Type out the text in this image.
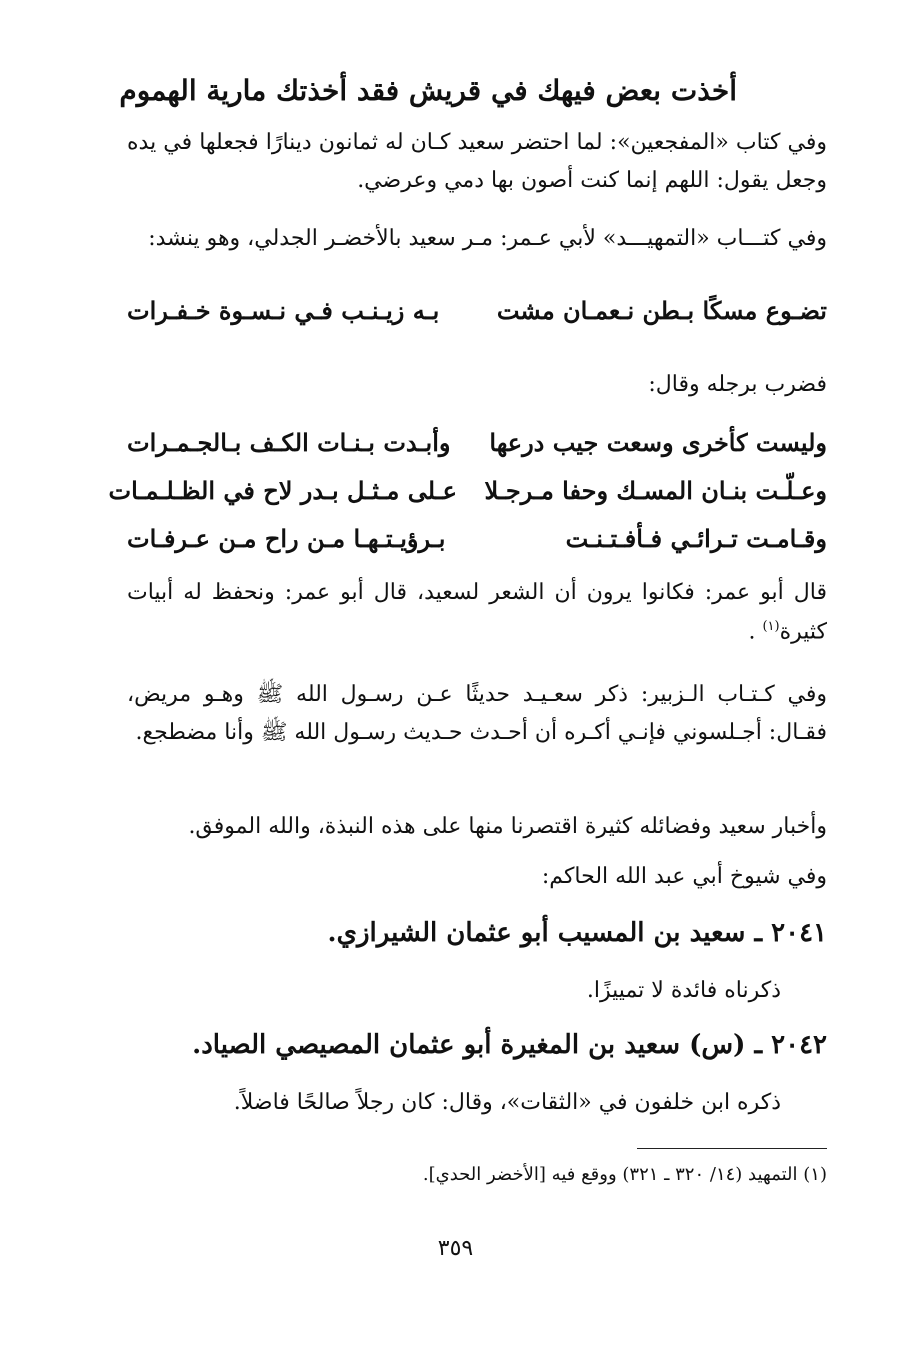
أخذت بعض فيهك في قريش فقد أخذتك مارية الهموم
وفي كتاب «المفجعين»: لما احتضر سعيد كـان له ثمانون دينارًا فجعلها في يده وجعل يقول: اللهم إنما كنت أصون بها دمي وعرضي.
وفي كتـــاب «التمهيـــد» لأبي عـمر: مـر سعيد بالأخضـر الجدلي، وهو ينشد:
تضـوع مسكًا بـطن نـعمـان مشت
بـه زيـنـب فـي نـسـوة خـفـرات
فضرب برجله وقال:
وليست كأخرى وسعت جيب درعها
وأبـدت بـنـات الكـف بـالجـمـرات
وعـلّـت بنـان المسـك وحفا مـرجـلا
عـلى مـثـل بـدر لاح في الظـلـمـات
وقـامـت تـرائـي فـأفـتـنـت
بـرؤيـتـهـا مـن راح مـن عـرفـات
قال أبو عمر: فكانوا يرون أن الشعر لسعيد، قال أبو عمر: ونحفظ له أبيات كثيرة$^{(١)}$ .
وفي كـتـاب الـزبير: ذكر سعـيـد حديثًا عـن رسـول الله ﷺ وهـو مريض، فقـال: أجـلسوني فإنـي أكـره أن أحـدث حـديث رسـول الله ﷺ وأنا مضطجع.
وأخبار سعيد وفضائله كثيرة اقتصرنا منها على هذه النبذة، والله الموفق.
وفي شيوخ أبي عبد الله الحاكم:
٢٠٤١ ـ سعيد بن المسيب أبو عثمان الشيرازي.
ذكرناه فائدة لا تمييزًا.
٢٠٤٢ ـ (س) سعيد بن المغيرة أبو عثمان المصيصي الصياد.
ذكره ابن خلفون في «الثقات»، وقال: كان رجلاً صالحًا فاضلاً.
(١) التمهيد (١٤/ ٣٢٠ ـ ٣٢١) ووقع فيه [الأخضر الحدي].
٣٥٩
